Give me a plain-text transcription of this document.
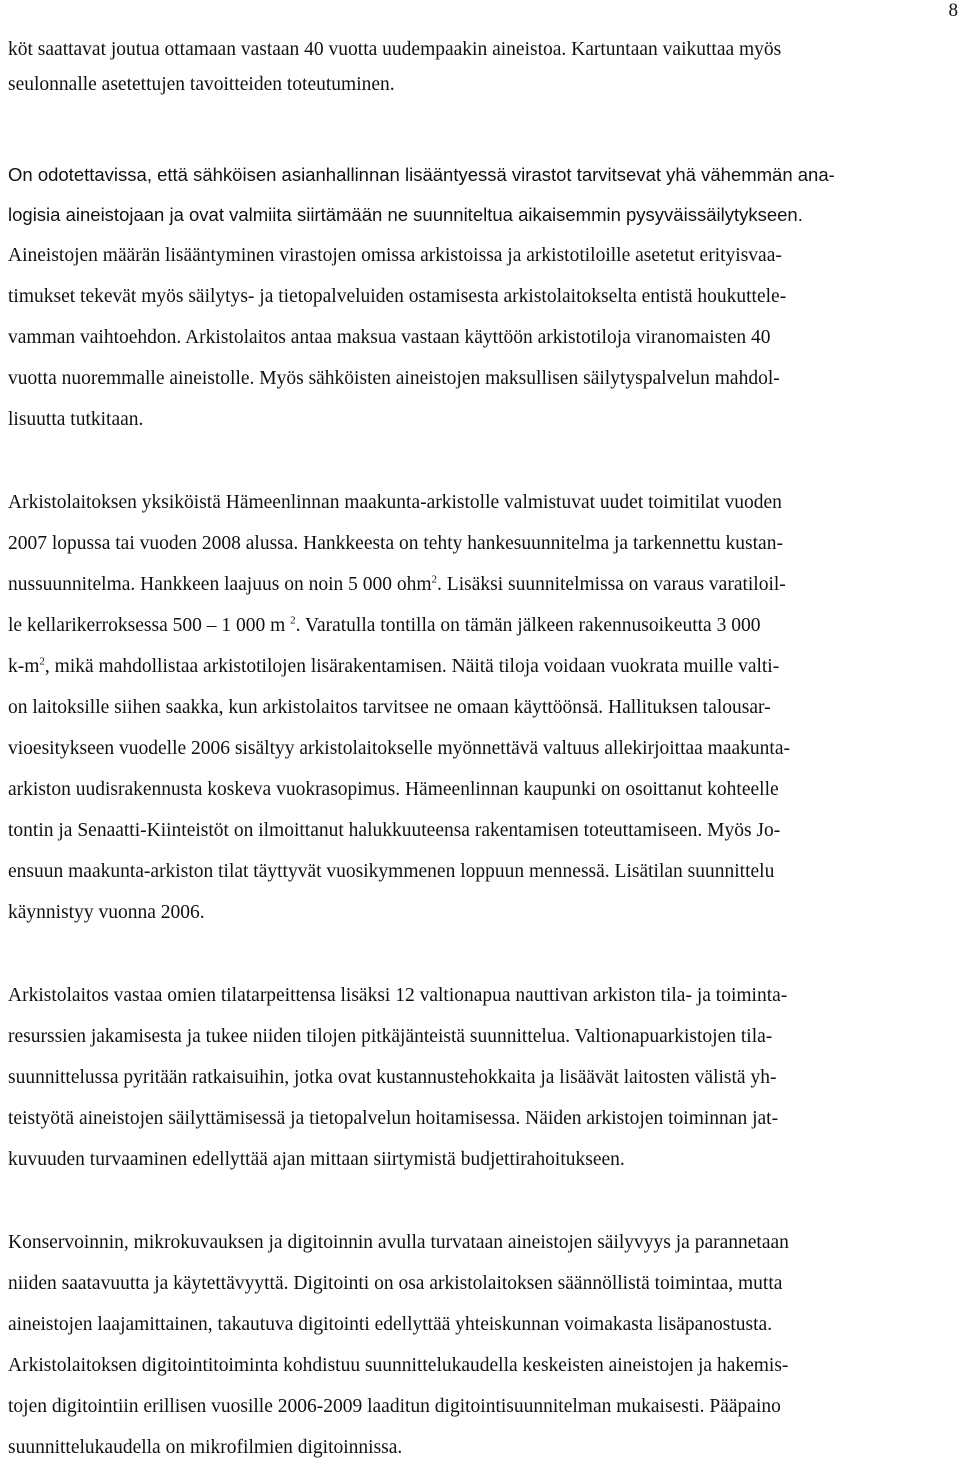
8
köt saattavat joutua ottamaan vastaan 40 vuotta uudempaakin aineistoa. Kartuntaan vaikuttaa myös
seulonnalle asetettujen tavoitteiden toteutuminen.
On odotettavissa, että sähköisen asianhallinnan lisääntyessä virastot tarvitsevat yhä vähemmän ana-
logisia aineistojaan ja ovat valmiita siirtämään ne suunniteltua aikaisemmin pysyväissäilytykseen.
Aineistojen määrän lisääntyminen virastojen omissa arkistoissa ja arkistotiloille asetetut erityisvaa-
timukset tekevät myös säilytys- ja tietopalveluiden ostamisesta arkistolaitokselta entistä houkuttele-
vamman vaihtoehdon. Arkistolaitos antaa maksua vastaan käyttöön arkistotiloja viranomaisten 40
vuotta nuoremmalle aineistolle. Myös sähköisten aineistojen maksullisen säilytyspalvelun mahdol-
lisuutta tutkitaan.
Arkistolaitoksen yksiköistä Hämeenlinnan maakunta-arkistolle valmistuvat uudet toimitilat vuoden
2007 lopussa tai vuoden 2008 alussa. Hankkeesta on tehty hankesuunnitelma ja tarkennettu kustan-
nussuunnitelma. Hankkeen laajuus on noin 5 000 ohm$^2$. Lisäksi suunnitelmissa on varaus varatiloil-
le kellarikerroksessa 500 – 1 000 m $^2$. Varatulla tontilla on tämän jälkeen rakennusoikeutta 3 000
$k-m^2$, mikä mahdollistaa arkistotilojen lisärakentamisen. Näitä tiloja voidaan vuokrata muille valti-
on laitoksille siihen saakka, kun arkistolaitos tarvitsee ne omaan käyttöönsä. Hallituksen talousar-
vioesitykseen vuodelle 2006 sisältyy arkistolaitokselle myönnettävä valtuus allekirjoittaa maakunta-
arkiston uudisrakennusta koskeva vuokrasopimus. Hämeenlinnan kaupunki on osoittanut kohteelle
tontin ja Senaatti-Kiinteistöt on ilmoittanut halukkuuteensa rakentamisen toteuttamiseen. Myös Jo-
ensuun maakunta-arkiston tilat täyttyvät vuosikymmenen loppuun mennessä. Lisätilan suunnittelu
käynnistyy vuonna 2006.
Arkistolaitos vastaa omien tilatarpeittensa lisäksi 12 valtionapua nauttivan arkiston tila- ja toiminta-
resurssien jakamisesta ja tukee niiden tilojen pitkäjänteistä suunnittelua. Valtionapuarkistojen tila-
suunnittelussa pyritään ratkaisuihin, jotka ovat kustannustehokkaita ja lisäävät laitosten välistä yh-
teistyötä aineistojen säilyttämisessä ja tietopalvelun hoitamisessa. Näiden arkistojen toiminnan jat-
kuvuuden turvaaminen edellyttää ajan mittaan siirtymistä budjettirahoitukseen.
Konservoinnin, mikrokuvauksen ja digitoinnin avulla turvataan aineistojen säilyvyys ja parannetaan
niiden saatavuutta ja käytettävyyttä. Digitointi on osa arkistolaitoksen säännöllistä toimintaa, mutta
aineistojen laajamittainen, takautuva digitointi edellyttää yhteiskunnan voimakasta lisäpanostusta.
Arkistolaitoksen digitointitoiminta kohdistuu suunnittelukaudella keskeisten aineistojen ja hakemis-
tojen digitointiin erillisen vuosille 2006-2009 laaditun digitointisuunnitelman mukaisesti. Pääpaino
suunnittelukaudella on mikrofilmien digitoinnissa.
